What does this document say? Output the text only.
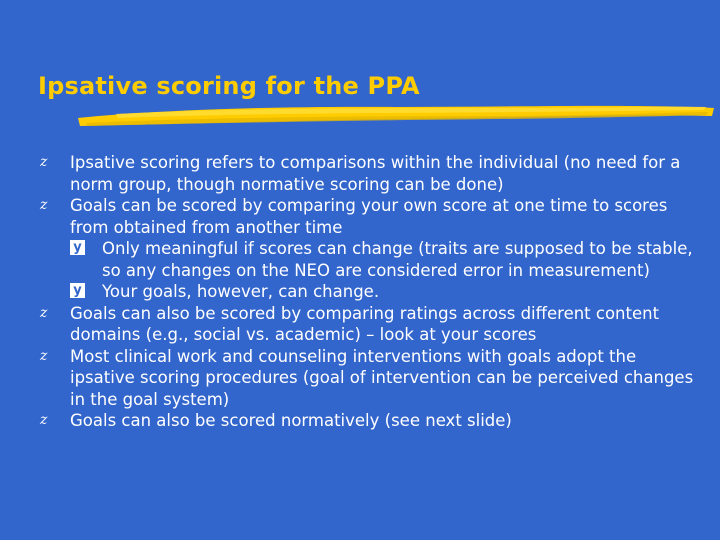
Ipsative scoring for the PPA
z Ipsative scoring refers to comparisons within the individual (no need for a norm group, though normative scoring can be done)
z Goals can be scored by comparing your own score at one time to scores from obtained from another time
y Only meaningful if scores can change (traits are supposed to be stable, so any changes on the NEO are considered error in measurement)
y Your goals, however, can change.
z Goals can also be scored by comparing ratings across different content domains (e.g., social vs. academic) – look at your scores
z Most clinical work and counseling interventions with goals adopt the ipsative scoring procedures (goal of intervention can be perceived changes in the goal system)
z Goals can also be scored normatively (see next slide)
